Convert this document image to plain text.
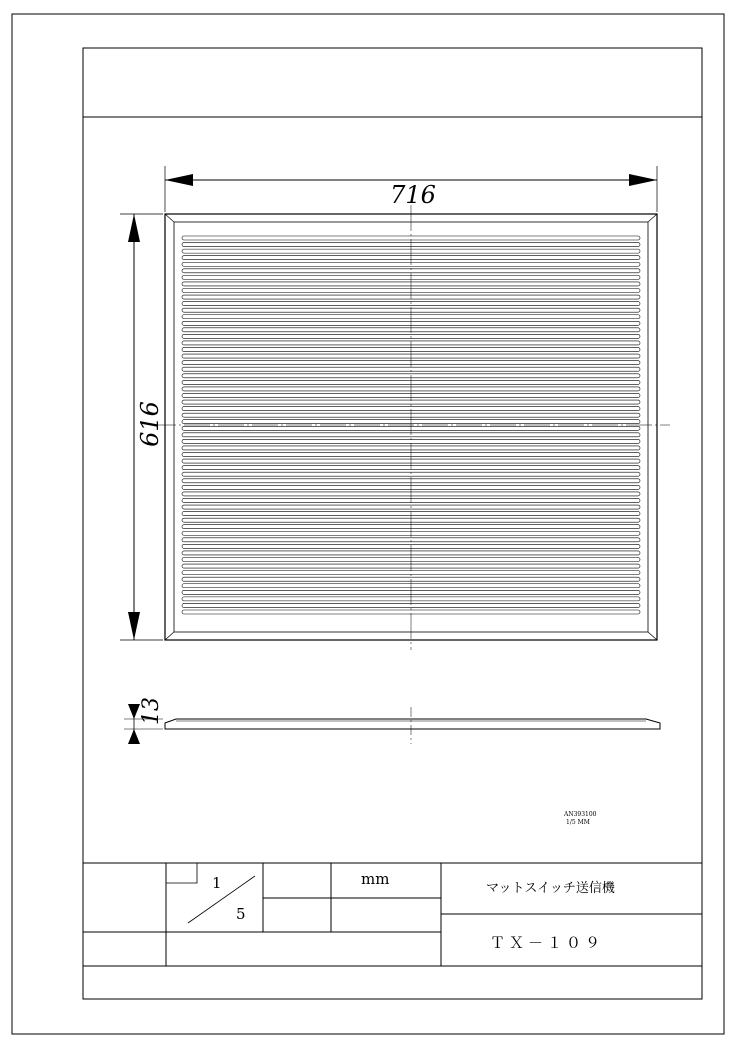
716
616
13
AN393100
1/5 MM
1
5
mm
マットスイッチ送信機
ＴＸ－１０９
